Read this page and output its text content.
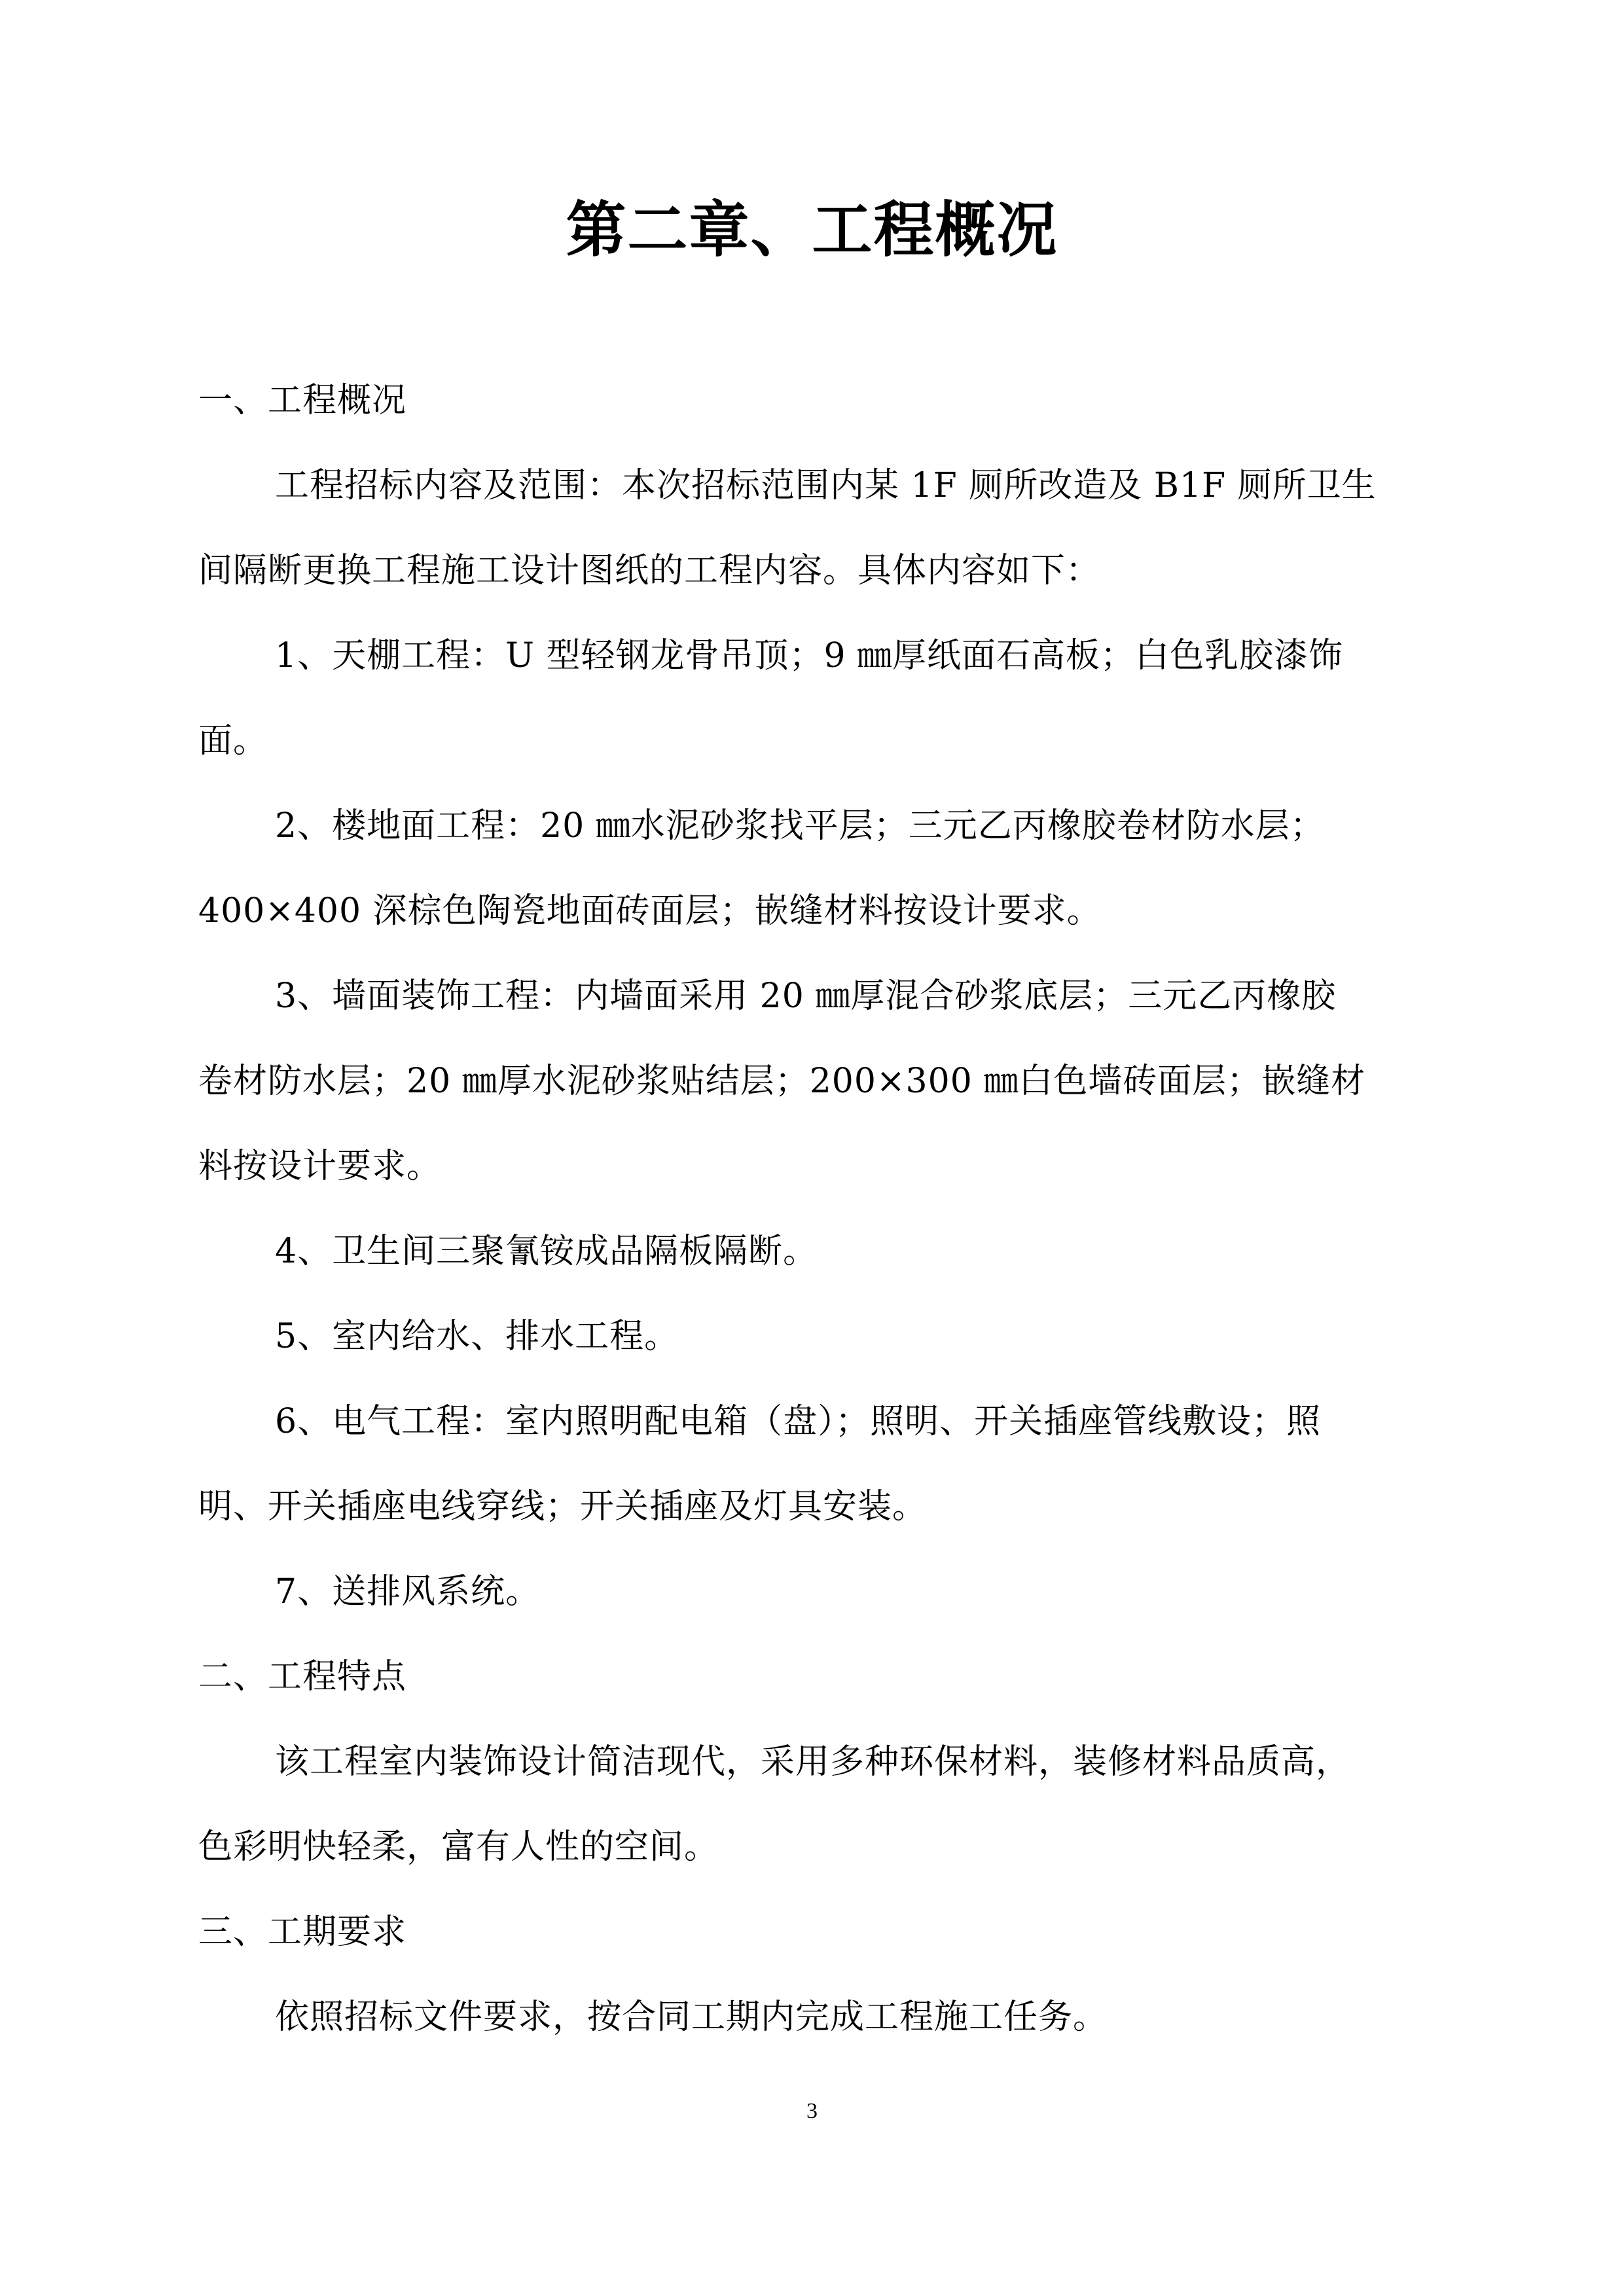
第二章、工程概况
一、工程概况
工程招标内容及范围：本次招标范围内某 1F 厕所改造及 B1F 厕所卫生
间隔断更换工程施工设计图纸的工程内容。具体内容如下：
1、天棚工程：U 型轻钢龙骨吊顶；9 ㎜厚纸面石高板；白色乳胶漆饰
面。
2、楼地面工程：20 ㎜水泥砂浆找平层；三元乙丙橡胶卷材防水层；
400×400 深棕色陶瓷地面砖面层；嵌缝材料按设计要求。
3、墙面装饰工程：内墙面采用 20 ㎜厚混合砂浆底层；三元乙丙橡胶
卷材防水层；20 ㎜厚水泥砂浆贴结层；200×300 ㎜白色墙砖面层；嵌缝材
料按设计要求。
4、卫生间三聚氰铵成品隔板隔断。
5、室内给水、排水工程。
6、电气工程：室内照明配电箱（盘）；照明、开关插座管线敷设；照
明、开关插座电线穿线；开关插座及灯具安装。
7、送排风系统。
二、工程特点
该工程室内装饰设计简洁现代，采用多种环保材料，装修材料品质高，
色彩明快轻柔，富有人性的空间。
三、工期要求
依照招标文件要求，按合同工期内完成工程施工任务。
3
